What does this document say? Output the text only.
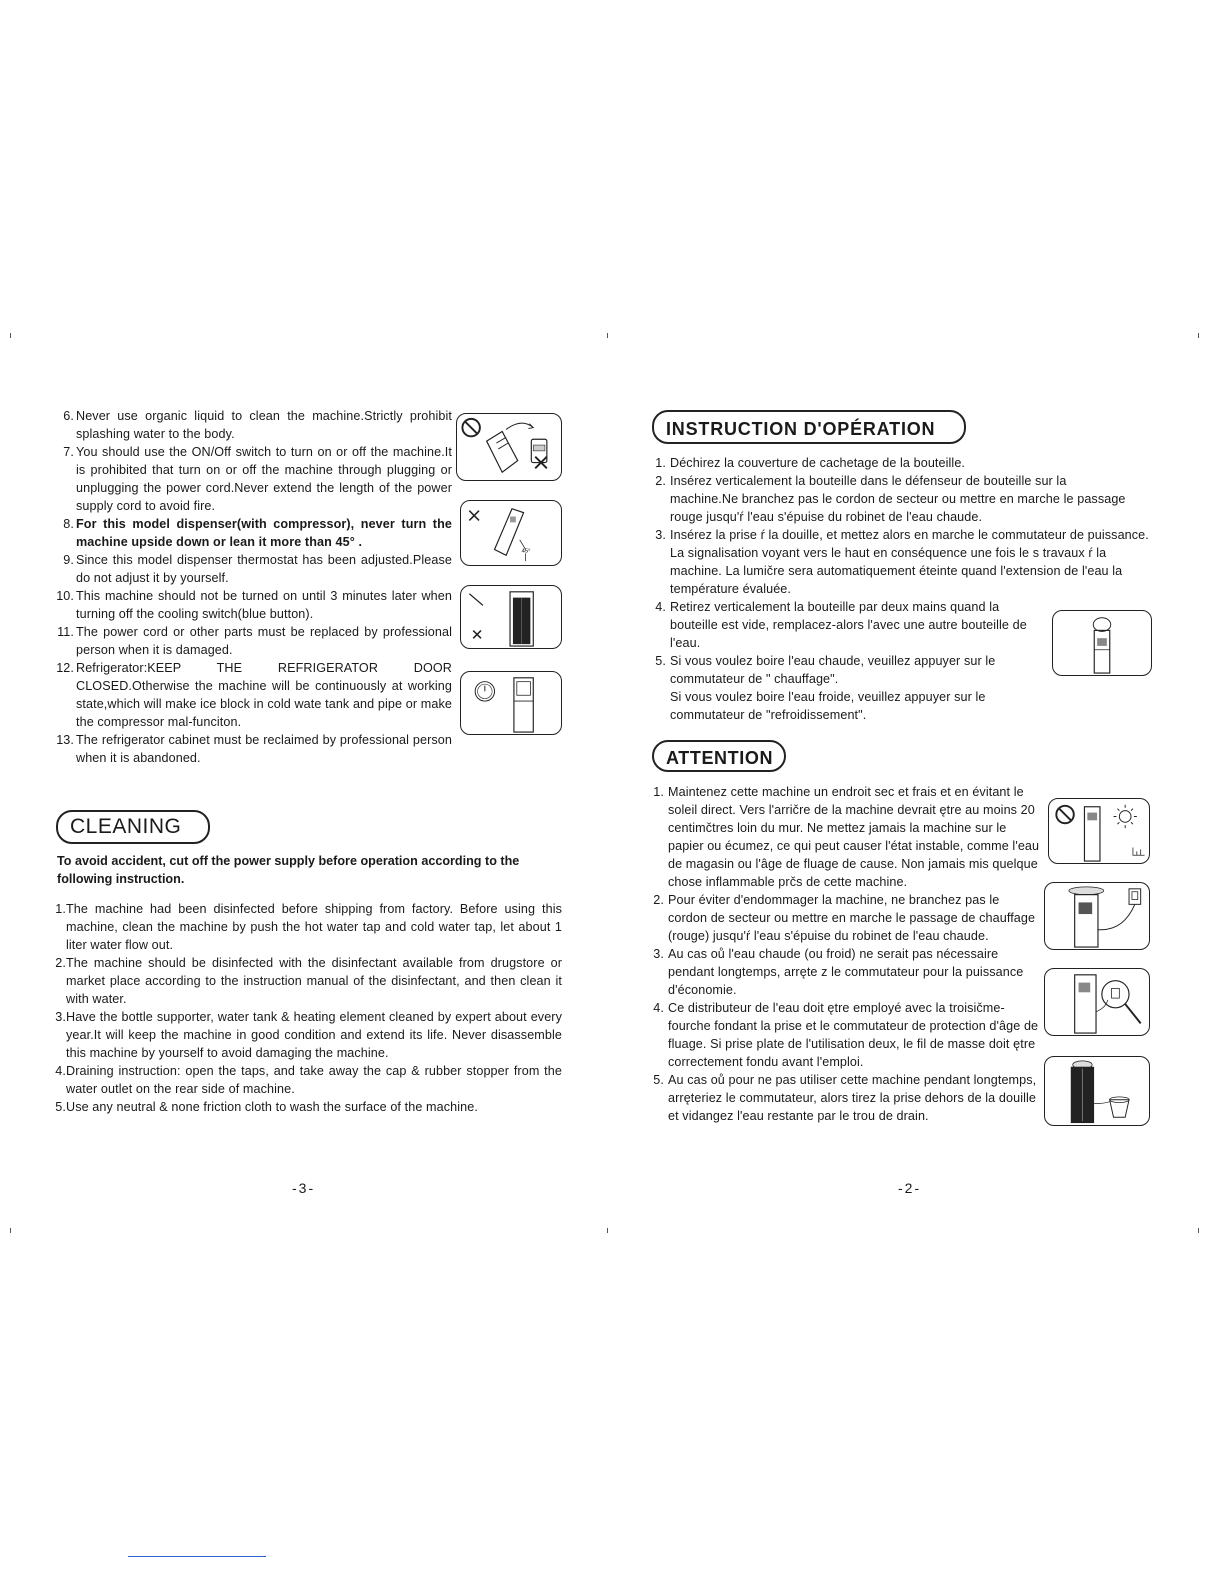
6. Never use organic liquid to clean the machine.Strictly prohibit splashing water to the body.
7. You should use the ON/Off switch to turn on or off the machine.It is prohibited that turn on or off the machine through plugging or unplugging the power cord.Never extend the length of the power supply cord to avoid fire.
8. For this model dispenser(with compressor), never turn the machine upside down or lean it more than 45° .
9. Since this model dispenser thermostat has been adjusted.Please do not adjust it by yourself.
10. This machine should not be turned on until 3 minutes later when turning off the cooling switch(blue button).
11. The power cord or other parts must be replaced by professional person when it is damaged.
12. Refrigerator:KEEP THE REFRIGERATOR DOOR CLOSED.Otherwise the machine will be continuously at working state,which will make ice block in cold wate tank and pipe or make the compressor mal-funciton.
13. The refrigerator cabinet must be reclaimed by professional person when it is abandoned.
45°
CLEANING
To avoid accident, cut off the power supply before operation according to the following instruction.
1. The machine had been disinfected before shipping from factory. Before using this machine, clean the machine by push the hot water tap and cold water tap, let about 1 liter water flow out.
2. The machine should be disinfected with the disinfectant available from drugstore or market place according to the instruction manual of the disinfectant, and then clean it with water.
3. Have the bottle supporter, water tank & heating element cleaned by expert about every year.It will keep the machine in good condition and extend its life. Never disassemble this machine by yourself to avoid damaging the machine.
4. Draining instruction: open the taps, and take away the cap & rubber stopper from the water outlet on the rear side of machine.
5. Use any neutral & none friction cloth to wash the surface of the machine.
-3-
INSTRUCTION D'OPÉRATION
1. Déchirez la couverture de cachetage de la bouteille.
2. Insérez verticalement la bouteille dans le défenseur de bouteille sur la machine.Ne branchez pas le cordon de secteur ou mettre en marche le passage rouge jusqu'ŕ l'eau s'épuise du robinet de l'eau chaude.
3. Insérez la prise ŕ la douille, et mettez alors en marche le commutateur de puissance. La signalisation voyant vers le haut en conséquence une fois le s travaux ŕ la machine. La lumičre sera automatiquement éteinte quand l'extension de l'eau la température évaluée.
4. Retirez verticalement la bouteille par deux mains quand la bouteille est vide, remplacez-alors l'avec une autre bouteille de l'eau.
5. Si vous voulez boire l'eau chaude, veuillez appuyer sur le commutateur de " chauffage".
Si vous voulez boire l'eau froide, veuillez appuyer sur le commutateur de "refroidissement".
ATTENTION
1. Maintenez cette machine un endroit sec et frais et en évitant le soleil direct. Vers l'arričre de la machine devrait ętre au moins 20 centimčtres loin du mur. Ne mettez jamais la machine sur le papier ou écumez, ce qui peut causer l'état instable, comme l'eau de magasin ou l'âge de fluage de cause. Non jamais mis quelque chose inflammable prčs de cette machine.
2. Pour éviter d'endommager la machine, ne branchez pas le cordon de secteur ou mettre en marche le passage de chauffage (rouge) jusqu'ŕ l'eau s'épuise du robinet de l'eau chaude.
3. Au cas oů l'eau chaude (ou froid) ne serait pas nécessaire pendant longtemps, arręte z le commutateur pour la puissance d'économie.
4. Ce distributeur de l'eau doit ętre employé avec la troisičme-fourche fondant la prise et le commutateur de protection d'âge de fluage. Si prise plate de l'utilisation deux, le fil de masse doit ętre correctement fondu avant l'emploi.
5. Au cas oů pour ne pas utiliser cette machine pendant longtemps, arręteriez le commutateur, alors tirez la prise dehors de la douille et vidangez l'eau restante par le trou de drain.
-2-
